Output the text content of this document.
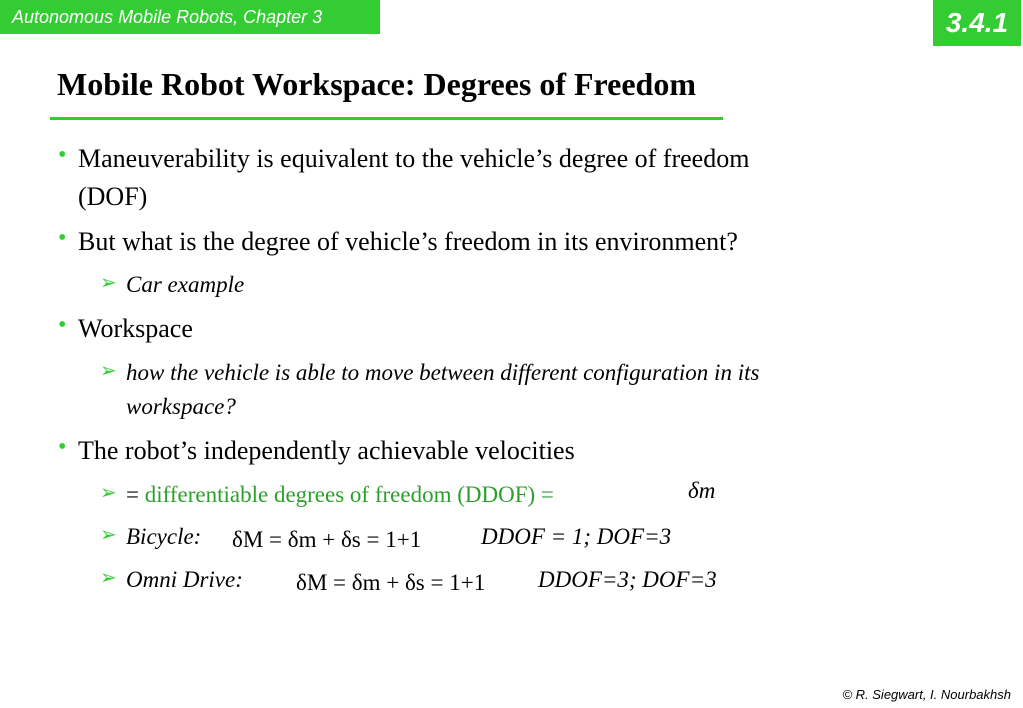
Autonomous Mobile Robots, Chapter 3	3.4.1
Mobile Robot Workspace: Degrees of Freedom
• Maneuverability is equivalent to the vehicle’s degree of freedom
(DOF)
• But what is the degree of vehicle’s freedom in its environment?
➢ Car example
• Workspace
➢ how the vehicle is able to move between different configuration in its
workspace?
• The robot’s independently achievable velocities
➢ = differentiable degrees of freedom (DDOF) =	δm
➢ Bicycle: δM = δm + δs = 1+1	DDOF = 1; DOF=3
➢ Omni Drive: δM = δm + δs = 1+1 DDOF=3; DOF=3
© R. Siegwart, I. Nourbakhsh
